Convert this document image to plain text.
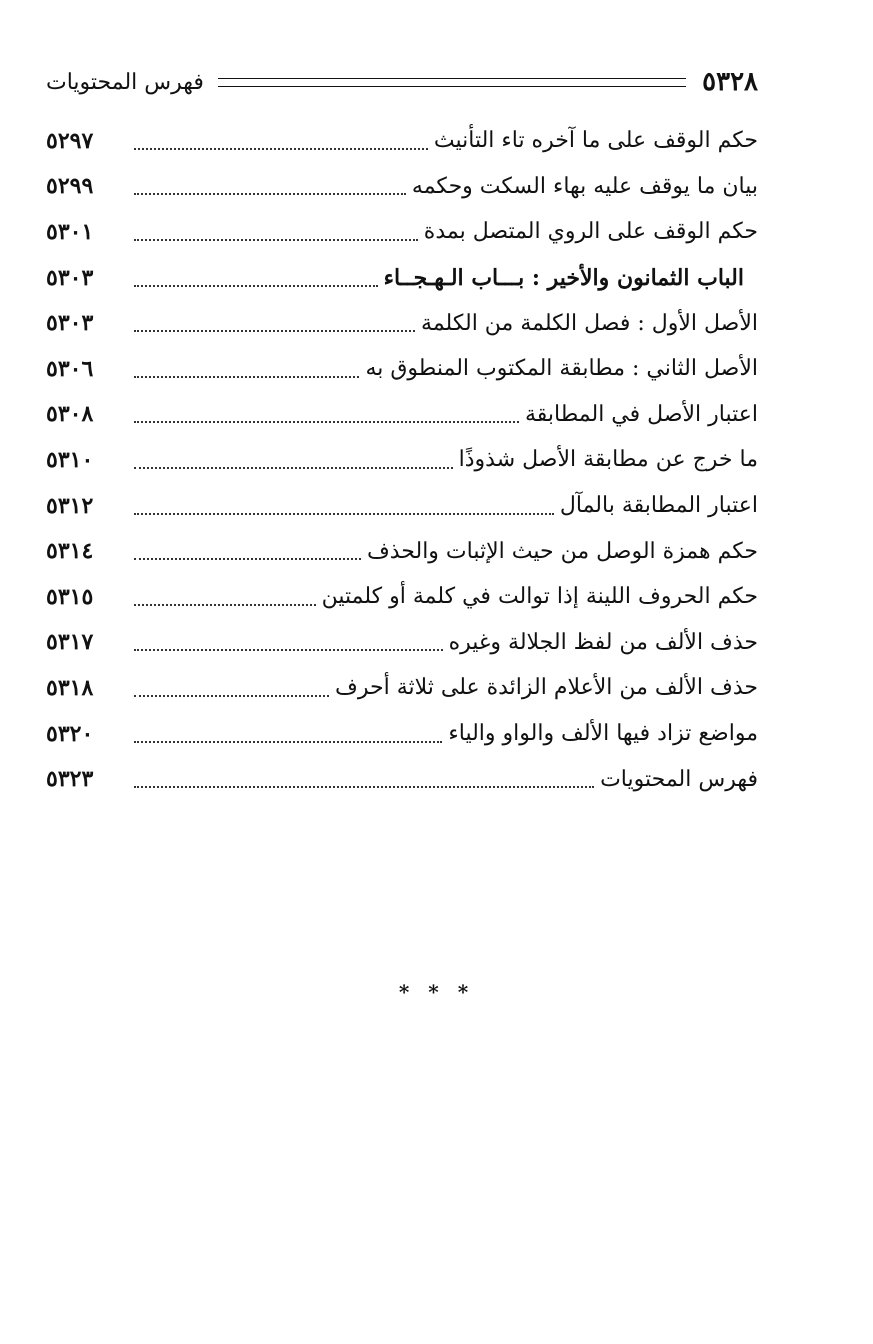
٥٣٢٨
فهرس المحتويات
حكم الوقف على ما آخره تاء التأنيث
٥٢٩٧
بيان ما يوقف عليه بهاء السكت وحكمه
٥٢٩٩
حكم الوقف على الروي المتصل بمدة
٥٣٠١
الباب الثمانون والأخير : بـــاب الـهـجــاء
٥٣٠٣
الأصل الأول : فصل الكلمة من الكلمة
٥٣٠٣
الأصل الثاني : مطابقة المكتوب المنطوق به
٥٣٠٦
اعتبار الأصل في المطابقة
٥٣٠٨
ما خرج عن مطابقة الأصل شذوذًا
٥٣١٠
اعتبار المطابقة بالمآل
٥٣١٢
حكم همزة الوصل من حيث الإثبات والحذف
٥٣١٤
حكم الحروف اللينة إذا توالت في كلمة أو كلمتين
٥٣١٥
حذف الألف من لفظ الجلالة وغيره
٥٣١٧
حذف الألف من الأعلام الزائدة على ثلاثة أحرف
٥٣١٨
مواضع تزاد فيها الألف والواو والياء
٥٣٢٠
فهرس المحتويات
٥٣٢٣
* * *
